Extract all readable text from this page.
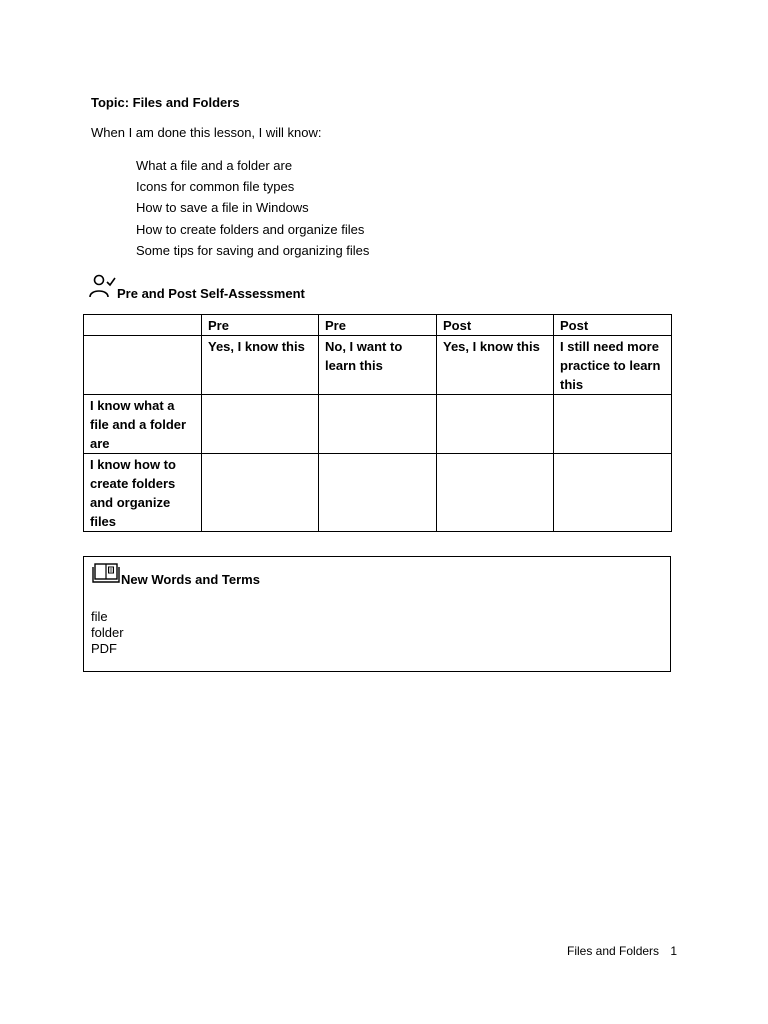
Topic: Files and Folders
When I am done this lesson, I will know:
What a file and a folder are
Icons for common file types
How to save a file in Windows
How to create folders and organize files
Some tips for saving and organizing files
Pre and Post Self-Assessment
	Pre	Pre	Post	Post
	Yes, I know this	No, I want to learn this	Yes, I know this	I still need more practice to learn this
I know what a file and a folder are				
I know how to create folders and organize files				
New Words and Terms
file
folder
PDF
Files and Folders 1
